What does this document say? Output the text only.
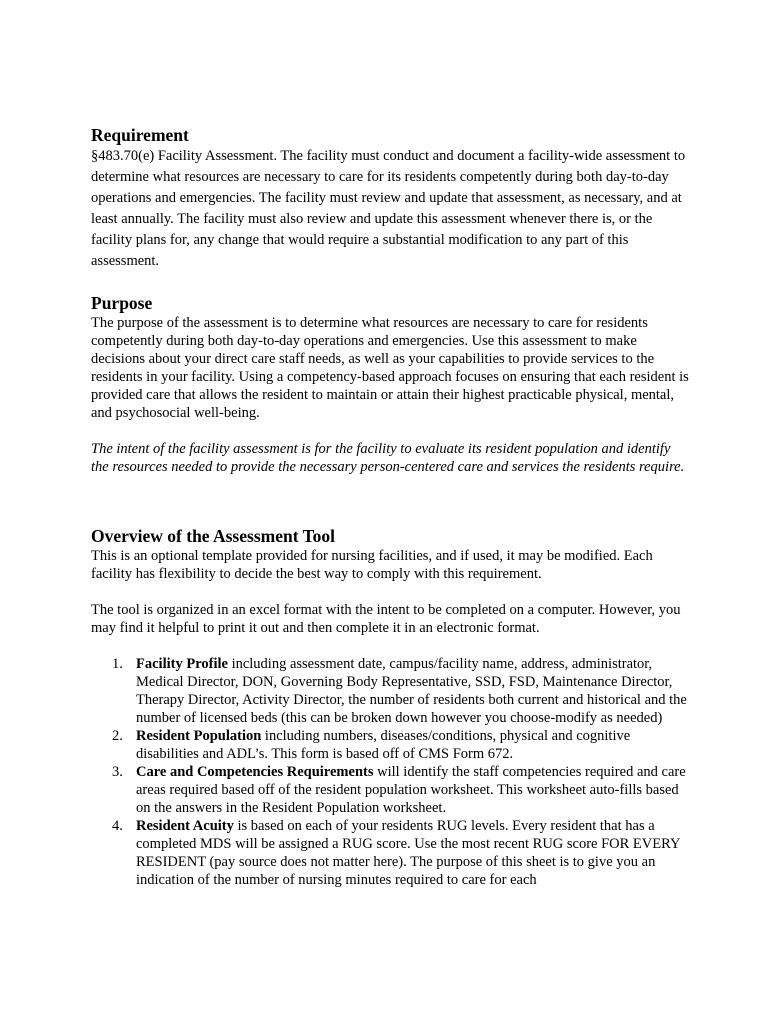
Requirement

§483.70(e) Facility Assessment. The facility must conduct and document a facility-wide assessment to determine what resources are necessary to care for its residents competently during both day-to-day operations and emergencies. The facility must review and update that assessment, as necessary, and at least annually. The facility must also review and update this assessment whenever there is, or the facility plans for, any change that would require a substantial modification to any part of this assessment.

Purpose

The purpose of the assessment is to determine what resources are necessary to care for residents competently during both day-to-day operations and emergencies. Use this assessment to make decisions about your direct care staff needs, as well as your capabilities to provide services to the residents in your facility. Using a competency-based approach focuses on ensuring that each resident is provided care that allows the resident to maintain or attain their highest practicable physical, mental, and psychosocial well-being.

The intent of the facility assessment is for the facility to evaluate its resident population and identify the resources needed to provide the necessary person-centered care and services the residents require.

Overview of the Assessment Tool

This is an optional template provided for nursing facilities, and if used, it may be modified. Each facility has flexibility to decide the best way to comply with this requirement.

The tool is organized in an excel format with the intent to be completed on a computer. However, you may find it helpful to print it out and then complete it in an electronic format.

1. Facility Profile including assessment date, campus/facility name, address, administrator, Medical Director, DON, Governing Body Representative, SSD, FSD, Maintenance Director, Therapy Director, Activity Director, the number of residents both current and historical and the number of licensed beds (this can be broken down however you choose-modify as needed)
2. Resident Population including numbers, diseases/conditions, physical and cognitive disabilities and ADL’s. This form is based off of CMS Form 672.
3. Care and Competencies Requirements will identify the staff competencies required and care areas required based off of the resident population worksheet. This worksheet auto-fills based on the answers in the Resident Population worksheet.
4. Resident Acuity is based on each of your residents RUG levels. Every resident that has a completed MDS will be assigned a RUG score. Use the most recent RUG score FOR EVERY RESIDENT (pay source does not matter here). The purpose of this sheet is to give you an indication of the number of nursing minutes required to care for each
